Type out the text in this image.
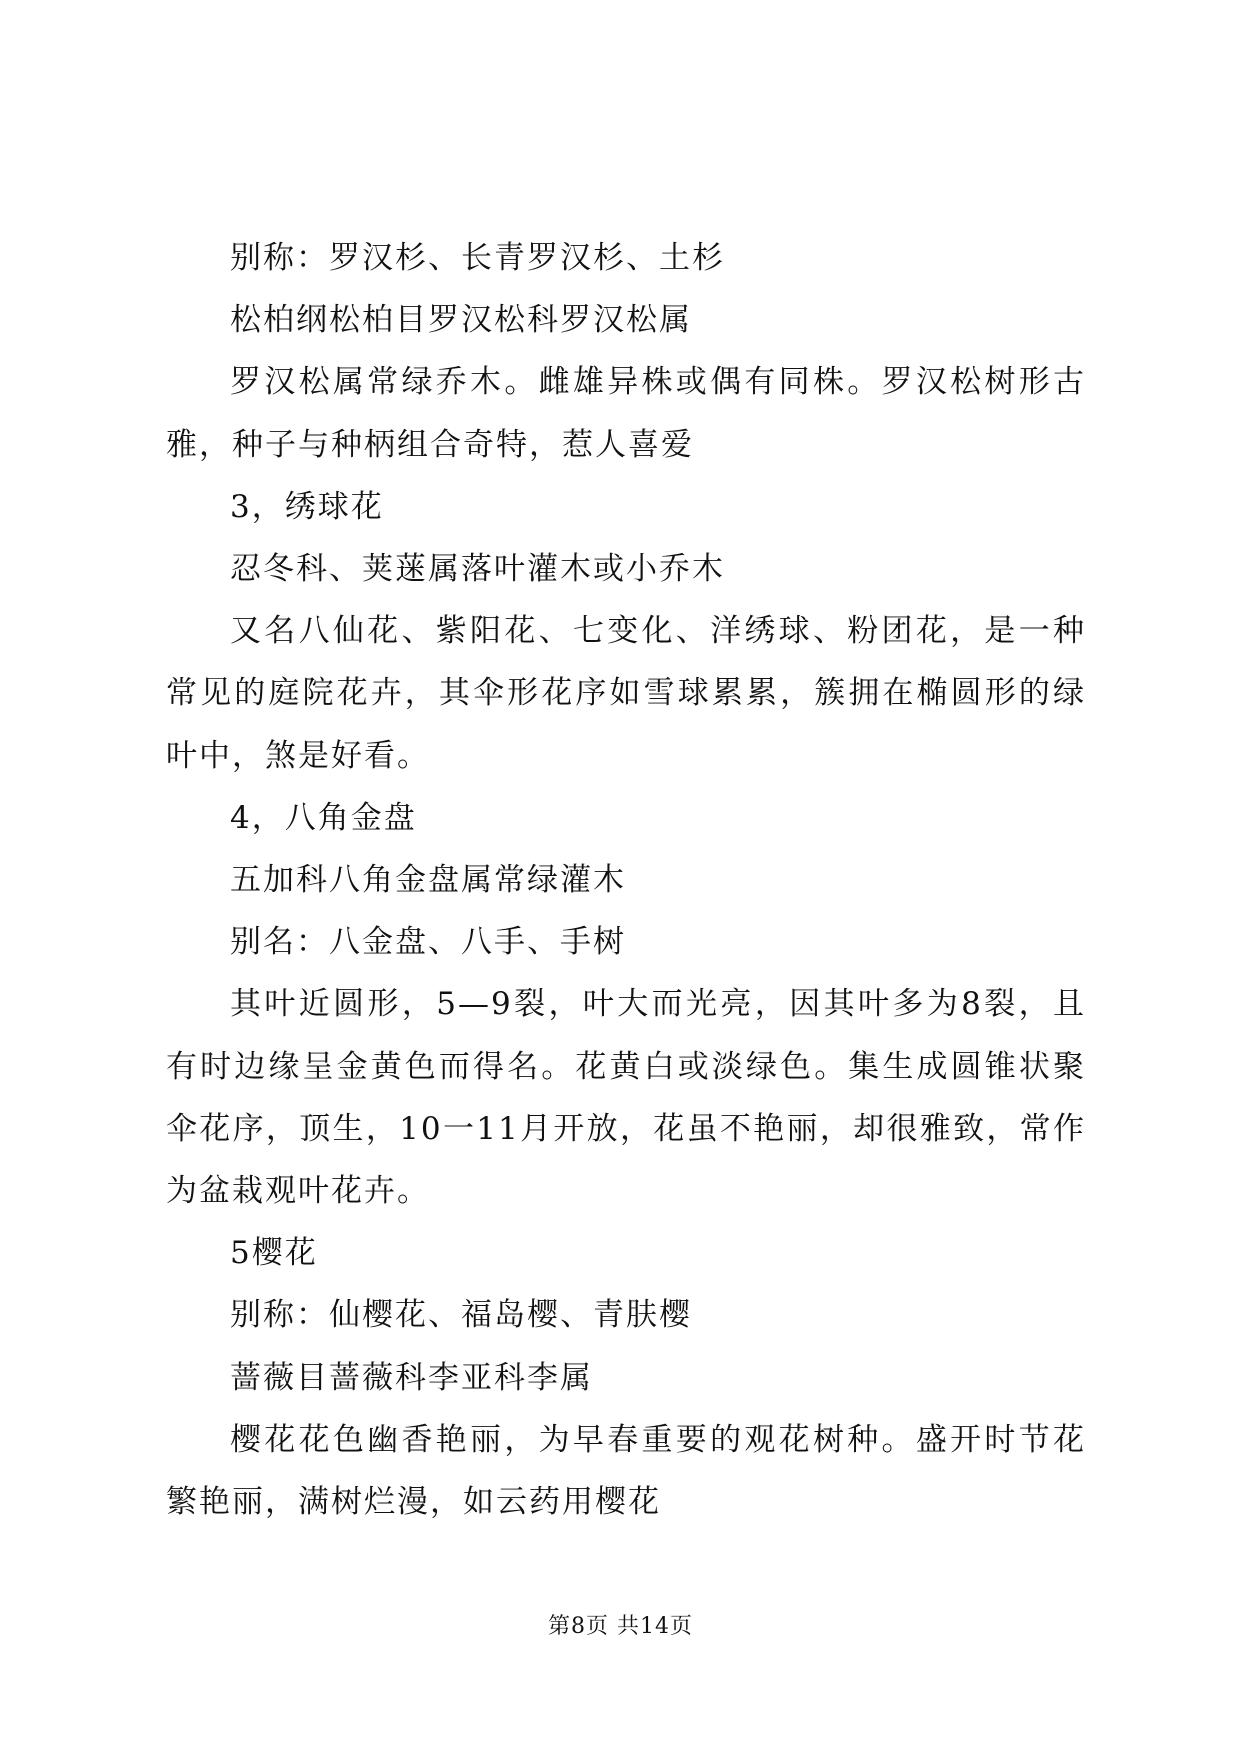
别称：罗汉杉、长青罗汉杉、土杉

松柏纲松柏目罗汉松科罗汉松属

罗汉松属常绿乔木。雌雄异株或偶有同株。罗汉松树形古雅，种子与种柄组合奇特，惹人喜爱

3，绣球花

忍冬科、荚蒾属落叶灌木或小乔木

又名八仙花、紫阳花、七变化、洋绣球、粉团花，是一种常见的庭院花卉，其伞形花序如雪球累累，簇拥在椭圆形的绿叶中，煞是好看。

4，八角金盘

五加科八角金盘属常绿灌木

别名：八金盘、八手、手树

其叶近圆形，5—9裂，叶大而光亮，因其叶多为8裂，且有时边缘呈金黄色而得名。花黄白或淡绿色。集生成圆锥状聚伞花序，顶生，10一11月开放，花虽不艳丽，却很雅致，常作为盆栽观叶花卉。

5樱花

别称：仙樱花、福岛樱、青肤樱

蔷薇目蔷薇科李亚科李属

樱花花色幽香艳丽，为早春重要的观花树种。盛开时节花繁艳丽，满树烂漫，如云药用樱花

第8页 共14页
